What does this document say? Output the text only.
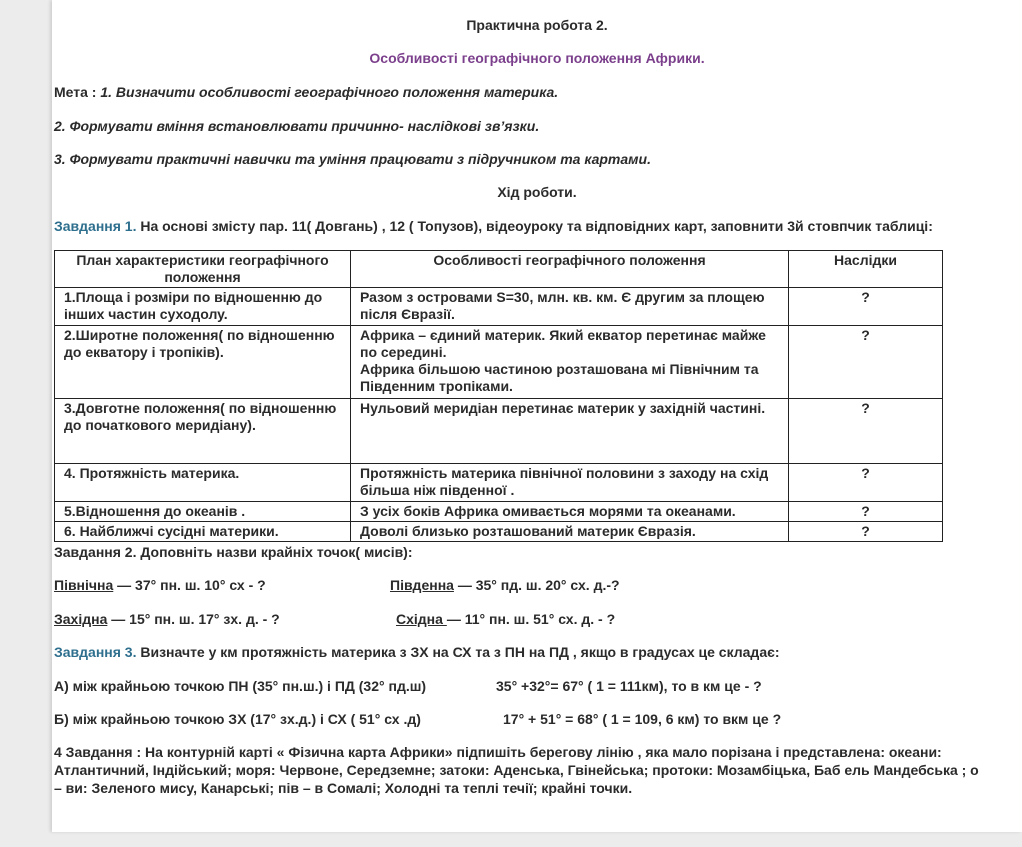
Практична робота 2.
Особливості географічного положення Африки.
Мета : 1. Визначити особливості географічного положення материка.
2. Формувати вміння встановлювати причинно- наслідкові зв’язки.
3. Формувати практичні навички та уміння працювати з підручником та картами.
Хід роботи.
Завдання 1. На основі змісту пар. 11( Довгань) , 12 ( Топузов), відеоуроку та відповідних карт, заповнити 3й стовпчик таблиці:
План характеристики географічного положення	Особливості географічного положення	Наслідки
1.Площа і розміри по відношенню до інших частин суходолу.	Разом з островами S=30, млн. кв. км. Є другим за площею після Євразії.	?
2.Широтне положення( по відношенню до екватору і тропіків).	Африка – єдиний материк. Який екватор перетинає майже по середині.
Африка більшою частиною розташована мі Північним та Південним тропіками.	?
3.Довготне положення( по відношенню до початкового меридіану).	Нульовий меридіан перетинає материк у західній частині.	?
4. Протяжність материка.	Протяжність материка північної половини з заходу на схід більша ніж південної .	?
5.Відношення до океанів .	З усіх боків Африка омивається морями та океанами.	?
6. Найближчі сусідні материки.	Доволі близько розташований материк Євразія.	?
Завдання 2. Доповніть назви крайніх точок( мисів):
Північна — 37° пн. ш. 10° сх - ?	Південна — 35° пд. ш. 20° сх. д.-?
Західна — 15° пн. ш. 17° зх. д. - ?	Східна — 11° пн. ш. 51° сх. д. - ?
Завдання 3. Визначте у км протяжність материка з ЗХ на СХ та з ПН на ПД , якщо в градусах це складає:
А) між крайньою точкою ПН (35° пн.ш.) і ПД (32° пд.ш)	35° +32°= 67° ( 1 = 111км), то в км це - ?
Б) між крайньою точкою ЗХ (17° зх.д.) і СХ ( 51° сх .д)	17° + 51° = 68° ( 1 = 109, 6 км) то вкм це ?
4 Завдання : На контурній карті « Фізична карта Африки» підпишіть берегову лінію , яка мало порізана і представлена: океани:
Атлантичний, Індійський; моря: Червоне, Середземне; затоки: Аденська, Гвінейська; протоки: Мозамбіцька, Баб ель Мандебська ; о
– ви: Зеленого мису, Канарські; пів – в Сомалі; Холодні та теплі течії; крайні точки.
